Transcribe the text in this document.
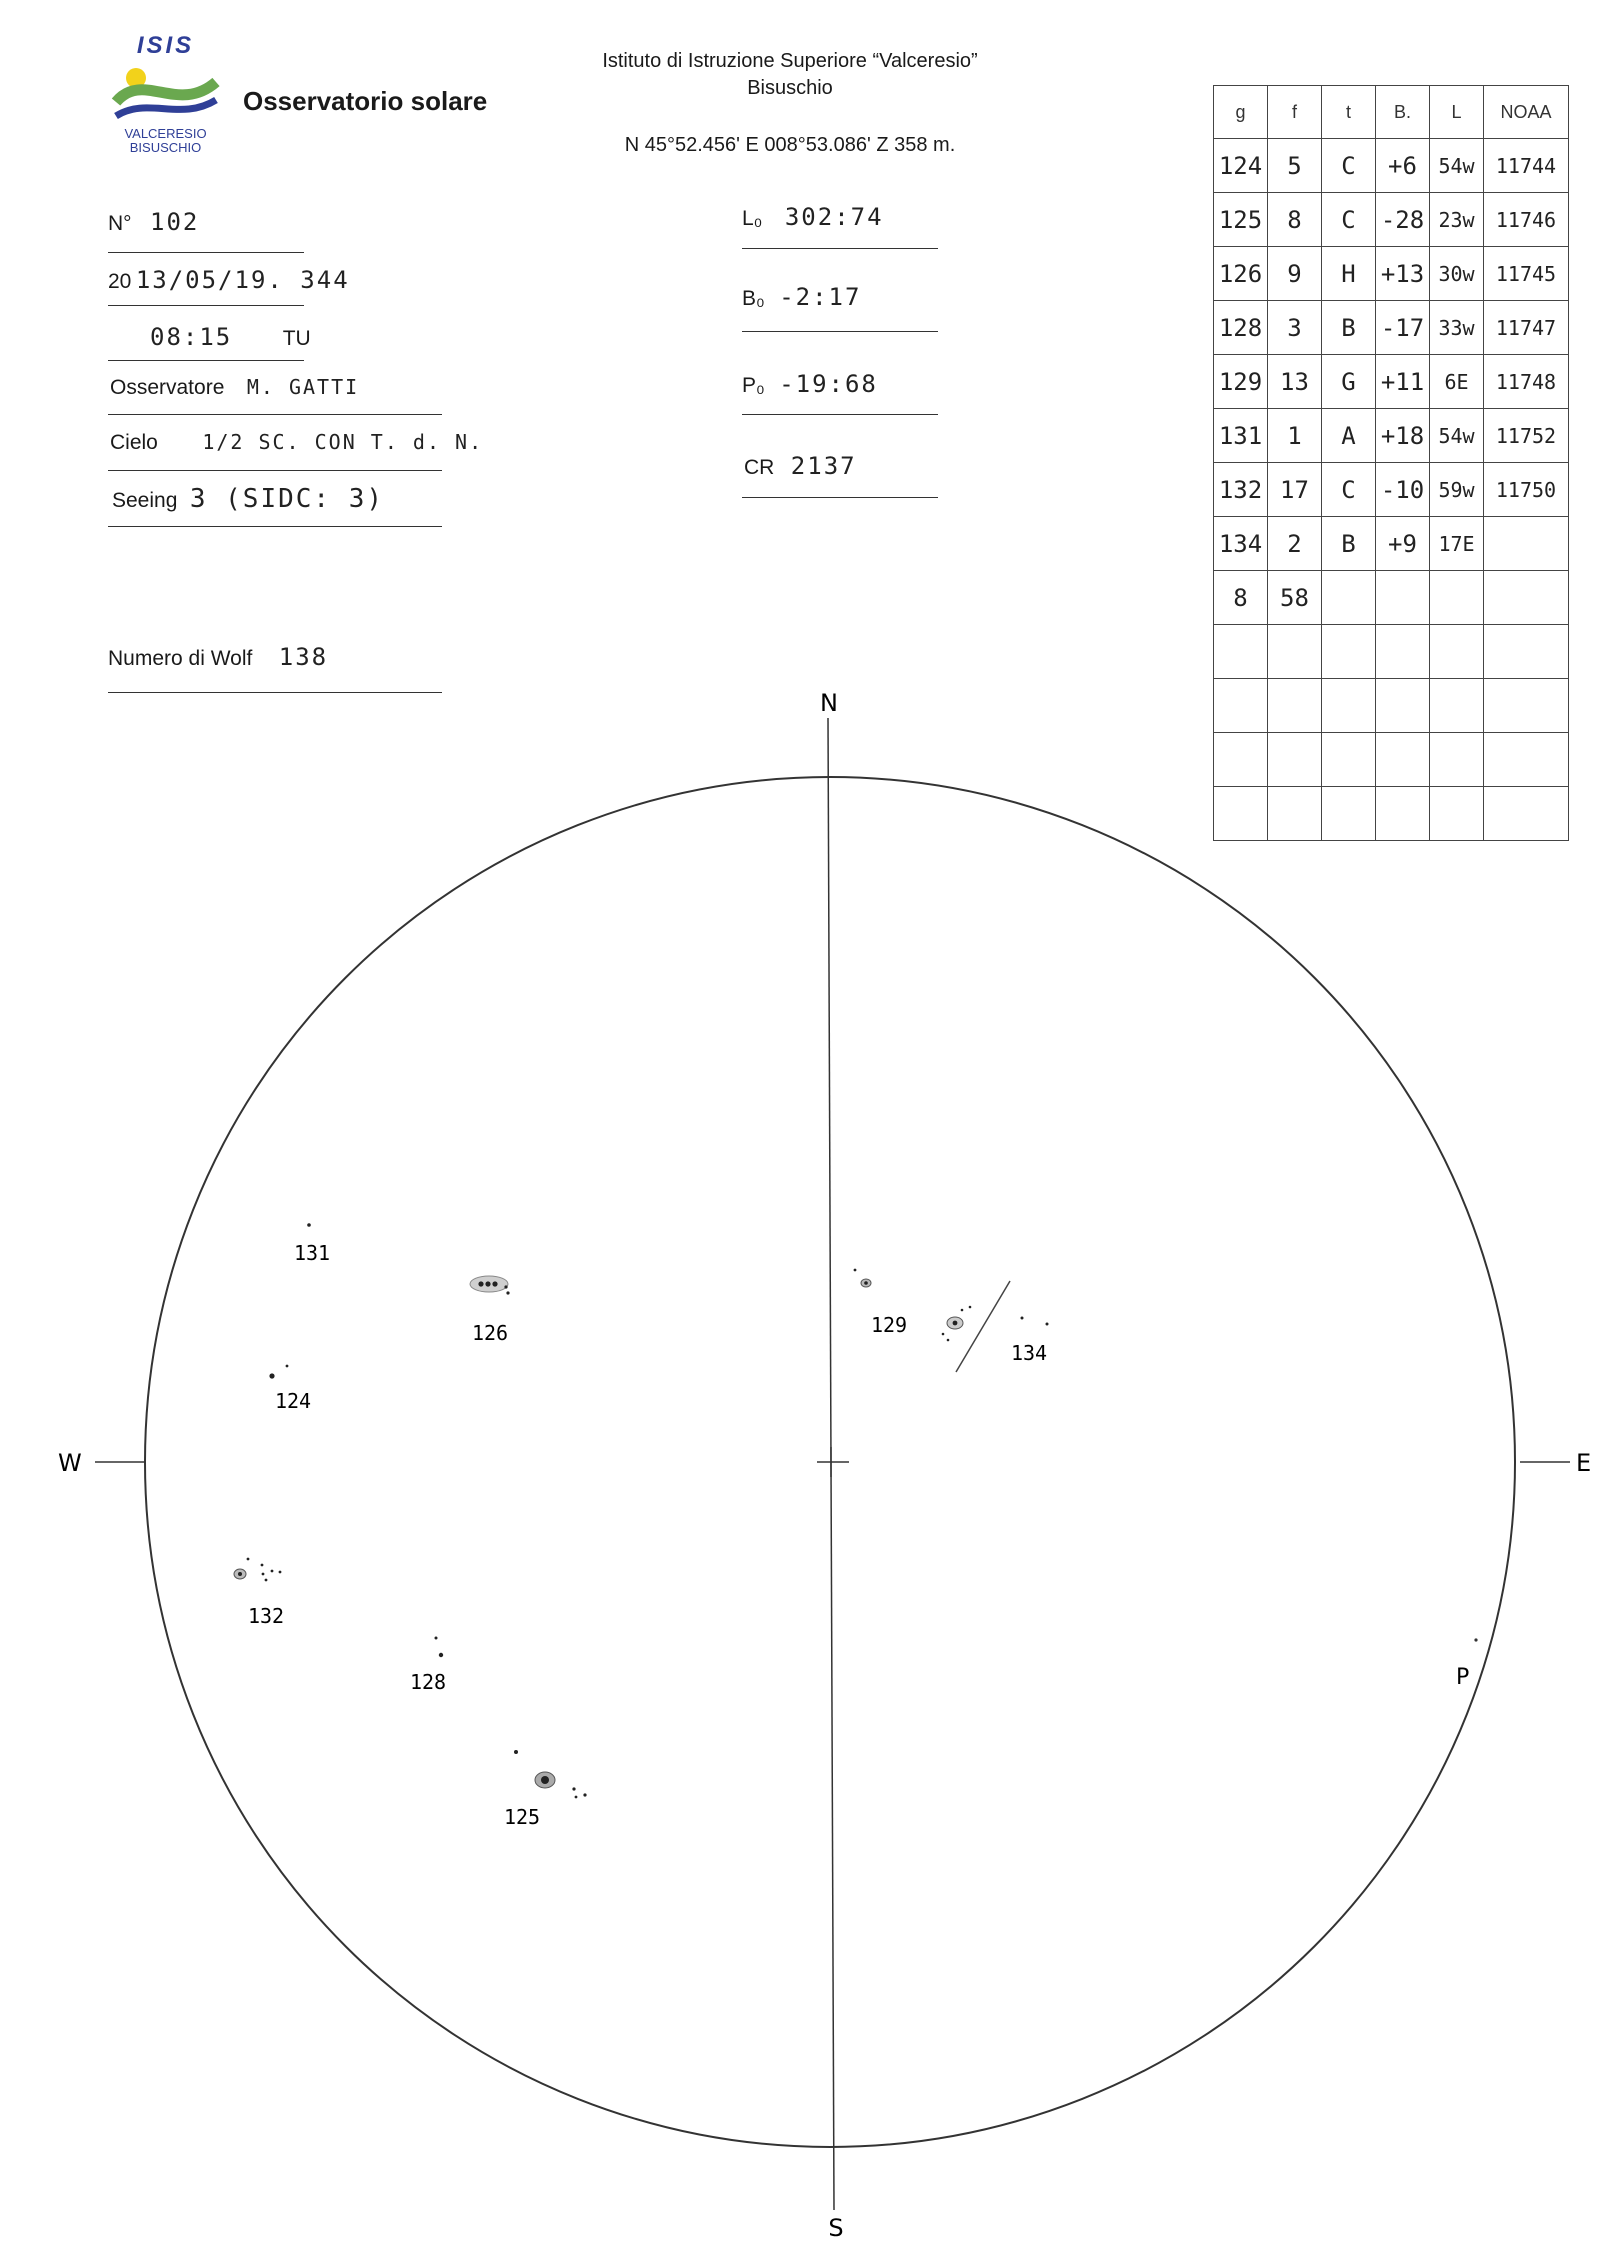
ISIS
VALCERESIO
BISUSCHIO
Osservatorio solare
Istituto di Istruzione Superiore “Valceresio”
Bisuschio
N 45°52.456' E 008°53.086' Z 358 m.
N° 102
20 13/05/19. 344
08:15 TU
Osservatore M. GATTI
Cielo 1/2 SC. CON T. d. N.
Seeing 3 (SIDC: 3)
Numero di Wolf 138
L₀ 302:74
B₀ -2:17
P₀ -19:68
CR 2137
g	f	t	B.	L	NOAA
124	5	C	+6	54w	11744
125	8	C	-28	23w	11746
126	9	H	+13	30w	11745
128	3	B	-17	33w	11747
129	13	G	+11	6E	11748
131	1	A	+18	54w	11752
132	17	C	-10	59w	11750
134	2	B	+9	17E	
8	58				

N
S
W	E
P
131
126
124
132
128
125
129
134
